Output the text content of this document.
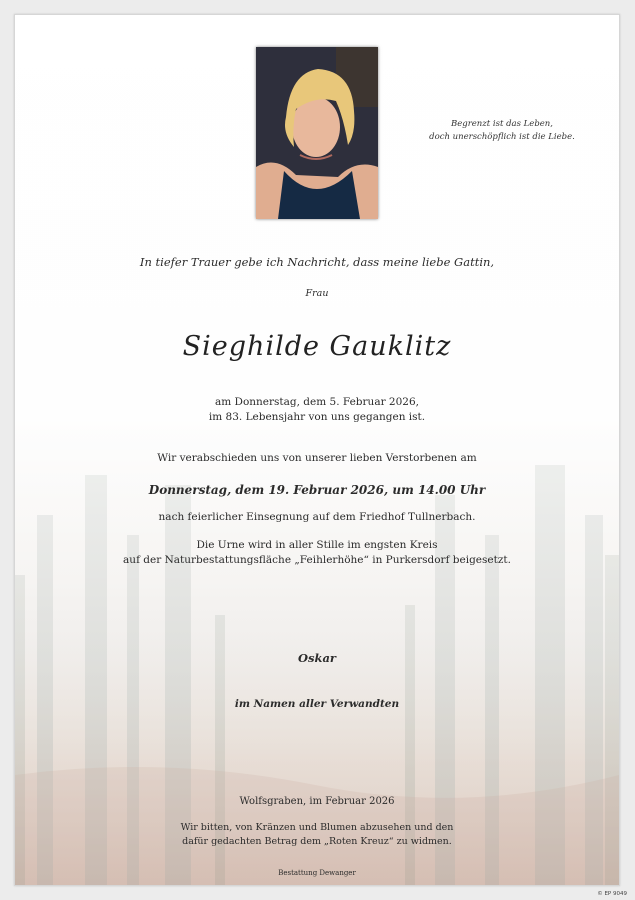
Begrenzt ist das Leben,
doch unerschöpflich ist die Liebe.
In tiefer Trauer gebe ich Nachricht, dass meine liebe Gattin,
Frau
Sieghilde Gauklitz
am Donnerstag, dem 5. Februar 2026,
im 83. Lebensjahr von uns gegangen ist.
Wir verabschieden uns von unserer lieben Verstorbenen am
Donnerstag, dem 19. Februar 2026, um 14.00 Uhr
nach feierlicher Einsegnung auf dem Friedhof Tullnerbach.
Die Urne wird in aller Stille im engsten Kreis
auf der Naturbestattungsfläche „Feihlerhöhe“ in Purkersdorf beigesetzt.
Oskar
im Namen aller Verwandten
Wolfsgraben, im Februar 2026
Wir bitten, von Kränzen und Blumen abzusehen und den
dafür gedachten Betrag dem „Roten Kreuz“ zu widmen.
Bestattung Dewanger
© EP 9049
